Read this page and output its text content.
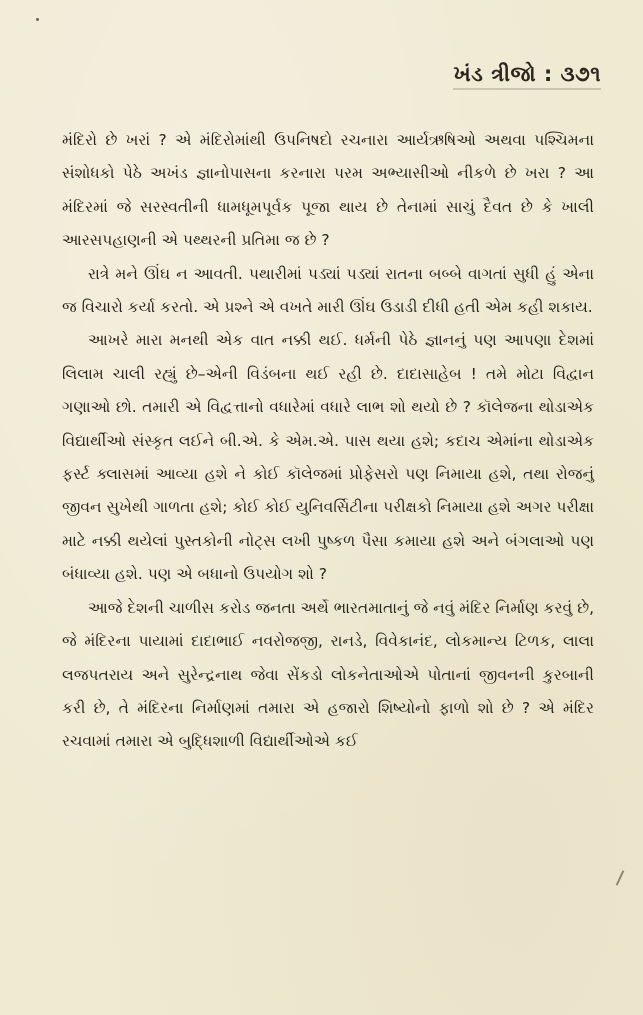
ખંડ ત્રીજો : ૩૭૧

મંદિરો છે ખરાં ? એ મંદિરોમાંથી ઉપનિષદો રચનારા આર્યઋષિઓ અથવા પશ્ચિમના સંશોધકો પેઠે અખંડ જ્ઞાનોપાસના કરનારા પરમ અભ્યાસીઓ નીકળે છે ખરા ? આ મંદિરમાં જે સરસ્વતીની ધામધૂમપૂર્વક પૂજા થાય છે તેનામાં સાચું દૈવત છે કે ખાલી આરસપહાણની એ પથ્થરની પ્રતિમા જ છે ?

રાત્રે મને ઊંઘ ન આવતી. પથારીમાં પડ્યાં પડ્યાં રાતના બબ્બે વાગતાં સુધી હું એના જ વિચારો કર્યા કરતો. એ પ્રશ્ને એ વખતે મારી ઊંઘ ઉડાડી દીધી હતી એમ કહી શકાય.

આખરે મારા મનથી એક વાત નક્કી થઈ. ધર્મની પેઠે જ્ઞાનનું પણ આપણા દેશમાં લિલામ ચાલી રહ્યું છે–એની વિડંબના થઈ રહી છે. દાદાસાહેબ ! તમે મોટા વિદ્વાન ગણાઓ છો. તમારી એ વિદ્વત્તાનો વધારેમાં વધારે લાભ શો થયો છે ? કૉલેજના થોડાએક વિદ્યાર્થીઓ સંસ્કૃત લઈને બી.એ. કે એમ.એ. પાસ થયા હશે; કદાચ એમાંના થોડાએક ફર્સ્ટ ક્લાસમાં આવ્યા હશે ને કોઈ કૉલેજમાં પ્રોફેસરો પણ નિમાયા હશે, તથા રોજનું જીવન સુખેથી ગાળતા હશે; કોઈ કોઈ યુનિવર્સિટીના પરીક્ષકો નિમાયા હશે અગર પરીક્ષા માટે નક્કી થયેલાં પુસ્તકોની નોટ્સ લખી પુષ્કળ પૈસા કમાયા હશે અને બંગલાઓ પણ બંધાવ્યા હશે. પણ એ બધાનો ઉપયોગ શો ?

આજે દેશની ચાળીસ કરોડ જનતા અર્થે ભારતમાતાનું જે નવું મંદિર નિર્માણ કરવું છે, જે મંદિરના પાયામાં દાદાભાઈ નવરોજજી, રાનડે, વિવેકાનંદ, લોકમાન્ય ટિળક, લાલા લજપતરાય અને સુરેન્દ્રનાથ જેવા સેંકડો લોકનેતાઓએ પોતાનાં જીવનની કુરબાની કરી છે, તે મંદિરના નિર્માણમાં તમારા એ હજારો શિષ્યોનો ફાળો શો છે ? એ મંદિર રચવામાં તમારા એ બુદ્ધિશાળી વિદ્યાર્થીઓએ કઈ
